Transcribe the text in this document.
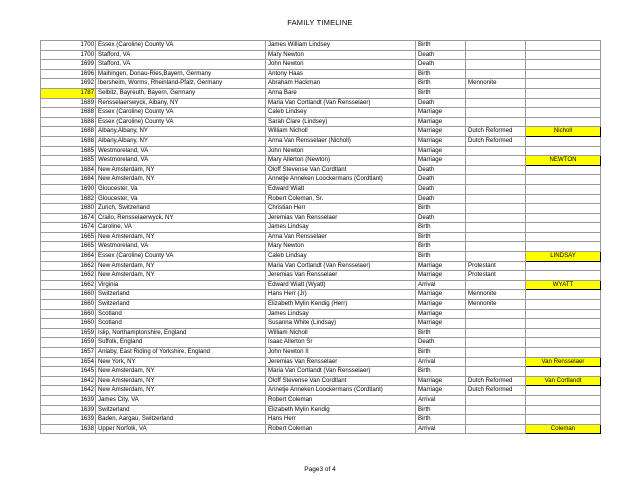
FAMILY TIMELINE
1700	Essex (Caroline) County VA	James William Lindsey	Birth		
1700	Stafford, VA	Mary Newton	Death		
1699	Stafford, VA	John Newton	Death		
1696	Maihingen, Donau-Ries,Bayern, Germany	Antony Haas	Birth		
1692	Ibersheim, Worms, Rheinland-Pfalz, Germany	Abraham Hackman	Birth	Mennonite	
1787	Selbitz, Bayreuth, Bayern, Germany	Anna Bare	Birth		
1689	Rensselaerswyck, Albany, NY	Maria Van Cortlandt (Van Rensselaer)	Death		
1688	Essex (Caroline) County VA	Caleb Lindsey	Marriage		
1688	Essex (Caroline) County VA	Sarah Clare (Lindsey)	Marriage		
1688	Albany,Albany, NY	William Nicholl	Marriage	Dutch Reformed	Nicholl
1688	Albany,Albany, NY	Anna Van Rensselaer (Nicholl)	Marriage	Dutch Reformed	
1685	Westmoreland, VA	John Newton	Marriage		
1685	Westmoreland, VA	Mary Allerton (Newton)	Marriage		NEWTON
1684	New Amsterdam, NY	Oloff Stevense Van Cordtlant	Death		
1684	New Amsterdam, NY	Annetje Anneken Loockermans (Cordtlant)	Death		
1690	Gloucester, Va	Edward Wiatt	Death		
1682	Gloucester, Va	Robert Coleman, Sr.	Death		
1680	Zurich, Switzerland	Christian Herr	Birth		
1674	Crailo, Rensselaerwyck, NY	Jeremias Van Rensselaer	Death		
1674	Caroline, VA	James Lindsay	Birth		
1665	New Amsterdam, NY	Anna Van Rensselaer	Birth		
1665	Westmoreland, VA	Mary Newton	Birth		
1664	Essex (Caroline) County VA	Caleb Lindsay	Birth		LINDSAY
1662	New Amsterdam, NY	Maria Van Cortlandt (Van Rensselaer)	Marriage	Protestant	
1662	New Amsterdam, NY	Jeremias Van Rensselaer	Marriage	Protestant	
1662	Virginia	Edward Wiatt (Wyatt)	Arrival		WYATT
1660	Switzerland	Hans Herr (Jr)	Marriage	Mennonite	
1660	Switzerland	Elizabeth Mylin Kendig (Herr)	Marriage	Mennonite	
1660	Scotland	James Lindsay	Marriage		
1660	Scotland	Susanna White (Lindsay)	Marriage		
1659	Islip, Northamptonshire, England	William Nicholl	Birth		
1659	Suffolk, England	Isaac Allerton Sr	Death		
1657	Anlaby, East Riding of Yorkshire, England	John Newton II	Birth		
1654	New York, NY	Jeremias Van Rensselaer	Arrival		Van Rensselaer
1645	New Amsterdam, NY	Maria Van Cortlandt (Van Rensselaer)	Birth		
1642	New Amsterdam, NY	Oloff Stevense Van Cordtlant	Marriage	Dutch Reformed	Van Cortlandt
1642	New Amsterdam, NY	Annetje Anneken Loockermans (Cordtlant)	Marriage	Dutch Reformed	
1639	James City, VA	Robert Coleman	Arrival		
1639	Switzerland	Elizabeth Mylin Kendig	Birth		
1639	Baden, Aargau, Switzerland	Hans Herr	Birth		
1638	Upper Norfolk, VA	Robert Coleman	Arrival		Coleman
Page3 of 4
